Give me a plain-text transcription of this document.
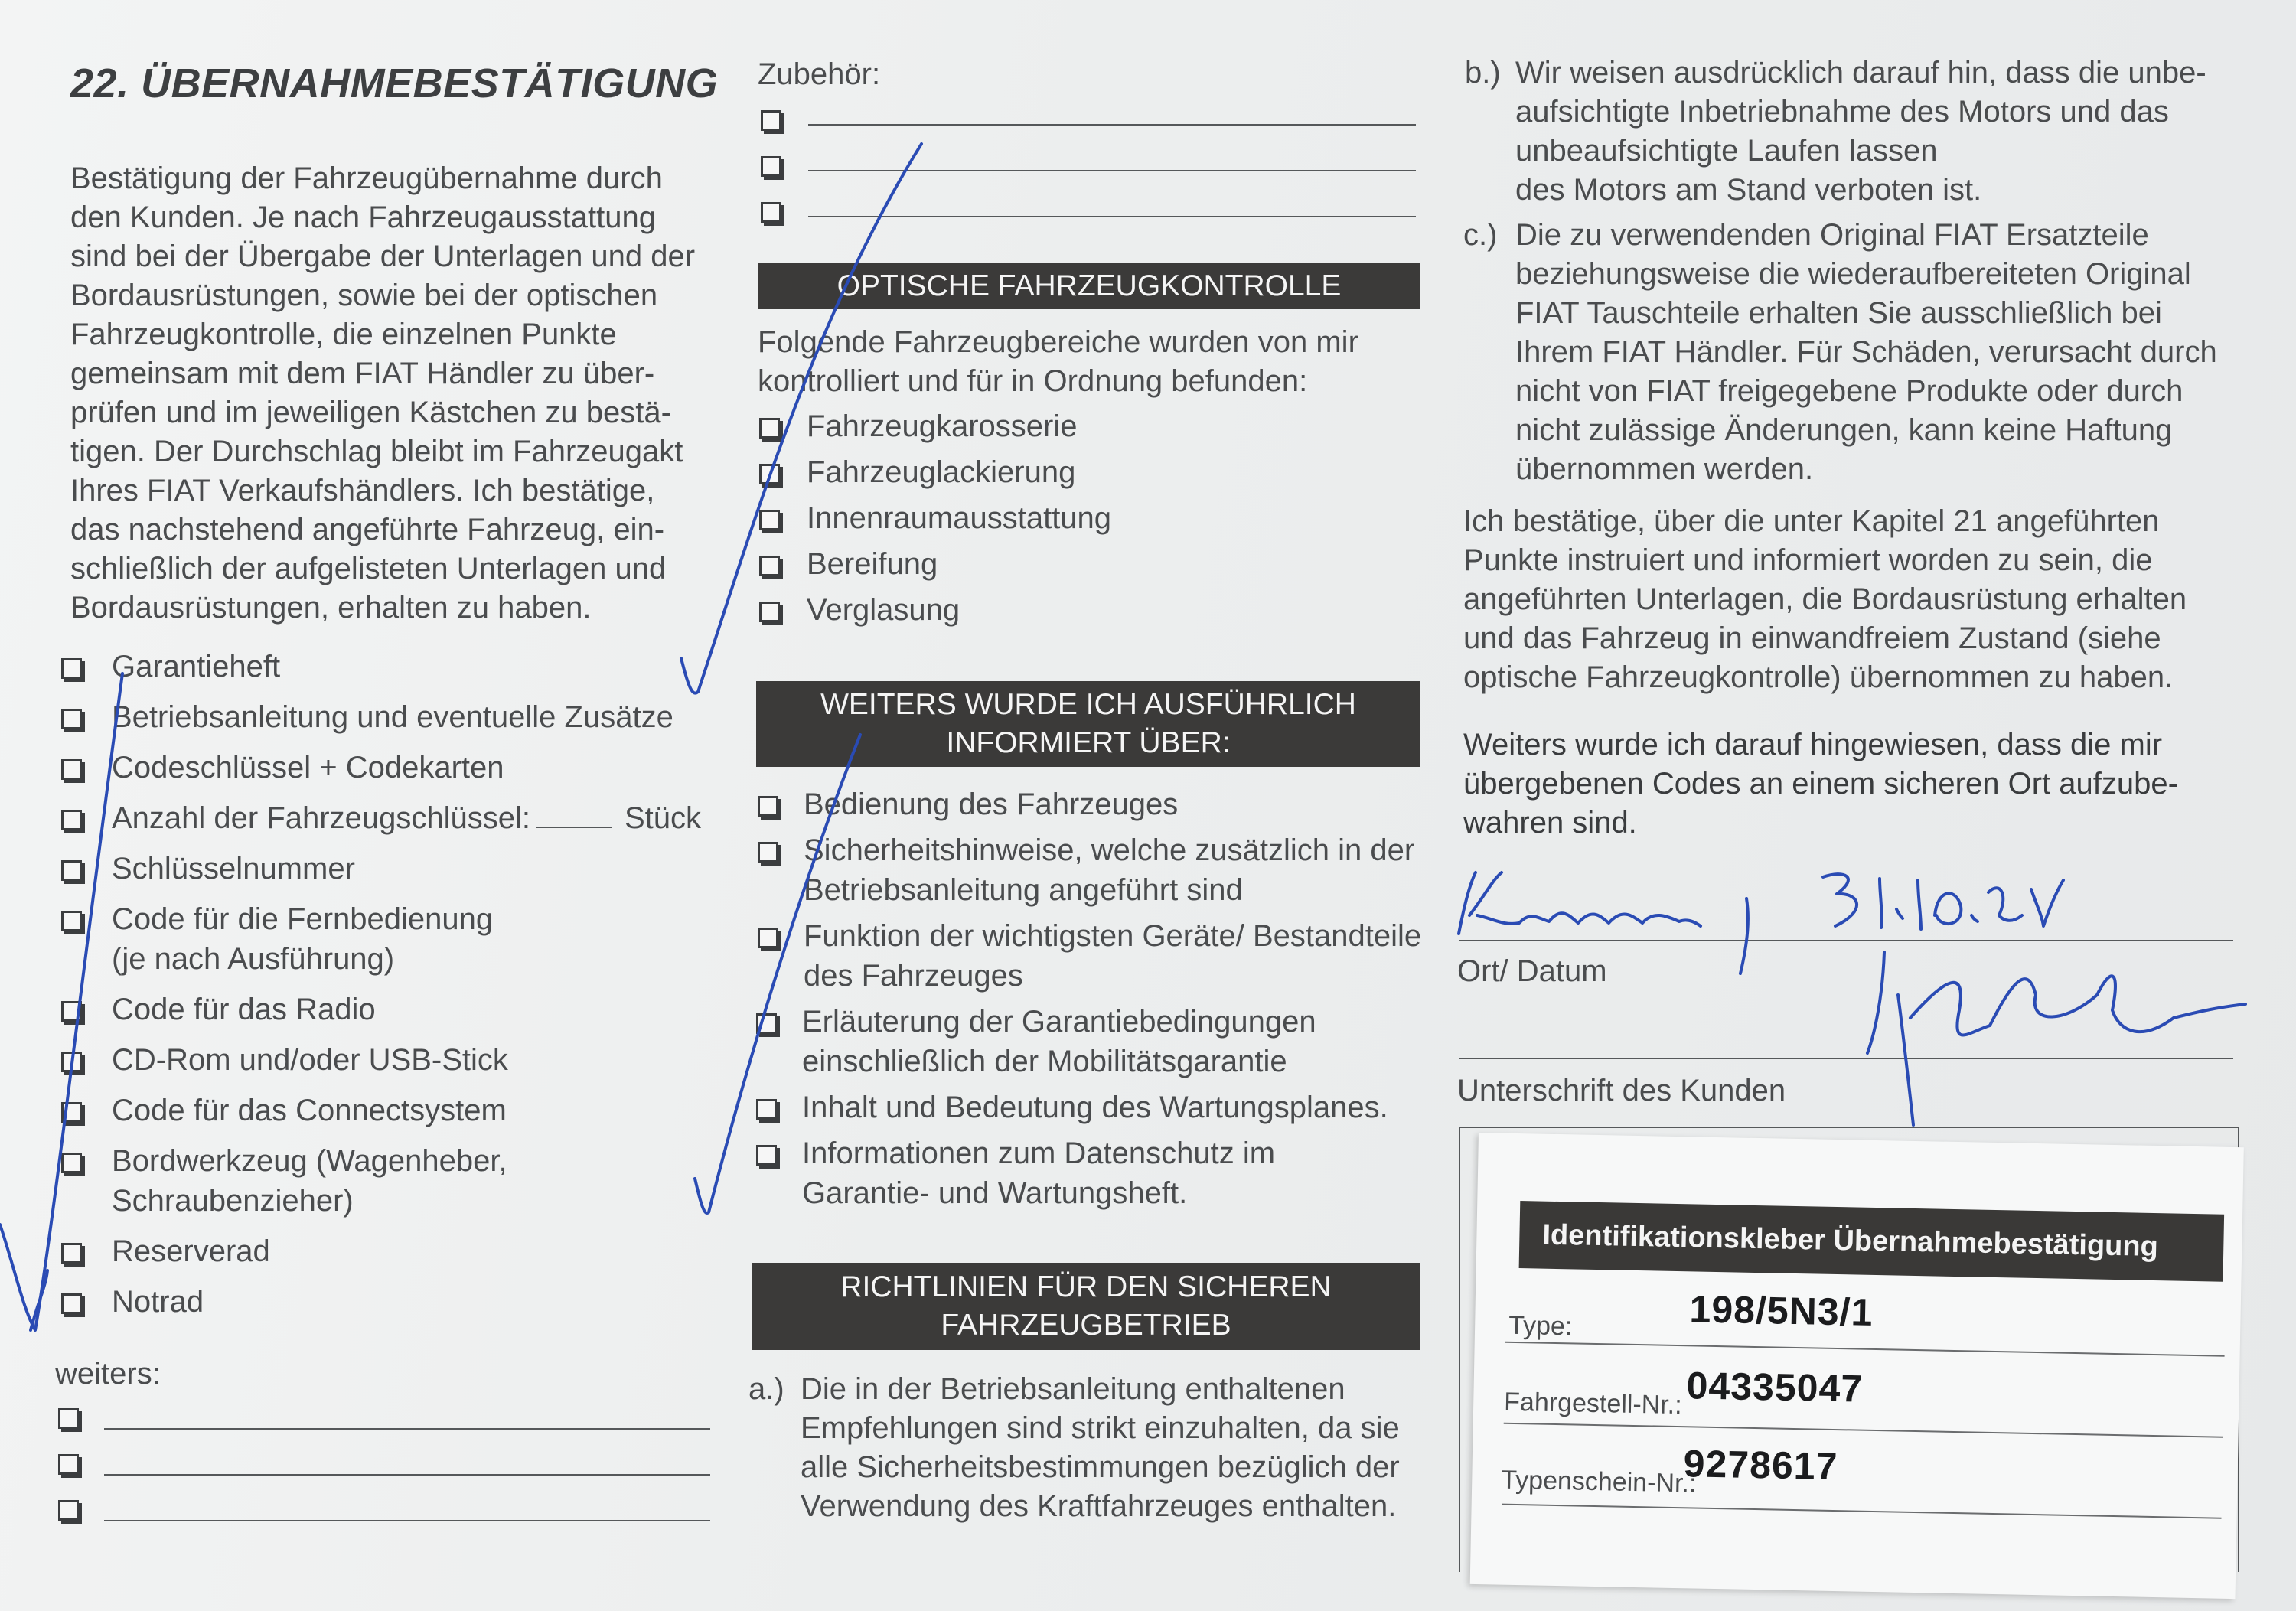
22. ÜBERNAHMEBESTÄTIGUNG
Bestätigung der Fahrzeugübernahme durch
den Kunden. Je nach Fahrzeugausstattung
sind bei der Übergabe der Unterlagen und der
Bordausrüstungen, sowie bei der optischen
Fahrzeugkontrolle, die einzelnen Punkte
gemeinsam mit dem FIAT Händler zu über-
prüfen und im jeweiligen Kästchen zu bestä-
tigen. Der Durchschlag bleibt im Fahrzeugakt
Ihres FIAT Verkaufshändlers. Ich bestätige,
das nachstehend angeführte Fahrzeug, ein-
schließlich der aufgelisteten Unterlagen und
Bordausrüstungen, erhalten zu haben.
Garantieheft
Betriebsanleitung und eventuelle Zusätze
Codeschlüssel + Codekarten
Anzahl der Fahrzeugschlüssel:	Stück
Schlüsselnummer
Code für die Fernbedienung
(je nach Ausführung)
Code für das Radio
CD-Rom und/oder USB-Stick
Code für das Connectsystem
Bordwerkzeug (Wagenheber,
Schraubenzieher)
Reserverad
Notrad
weiters:
Zubehör:
OPTISCHE FAHRZEUGKONTROLLE
Folgende Fahrzeugbereiche wurden von mir
kontrolliert und für in Ordnung befunden:
Fahrzeugkarosserie
Fahrzeuglackierung
Innenraumausstattung
Bereifung
Verglasung
WEITERS WURDE ICH AUSFÜHRLICH
INFORMIERT ÜBER:
Bedienung des Fahrzeuges
Sicherheitshinweise, welche zusätzlich in der
Betriebsanleitung angeführt sind
Funktion der wichtigsten Geräte/ Bestandteile
des Fahrzeuges
Erläuterung der Garantiebedingungen
einschließlich der Mobilitätsgarantie
Inhalt und Bedeutung des Wartungsplanes.
Informationen zum Datenschutz im
Garantie- und Wartungsheft.
RICHTLINIEN FÜR DEN SICHEREN
FAHRZEUGBETRIEB
a.) Die in der Betriebsanleitung enthaltenen
Empfehlungen sind strikt einzuhalten, da sie
alle Sicherheitsbestimmungen bezüglich der
Verwendung des Kraftfahrzeuges enthalten.
b.) Wir weisen ausdrücklich darauf hin, dass die unbe-
aufsichtigte Inbetriebnahme des Motors und das
unbeaufsichtigte Laufen lassen
des Motors am Stand verboten ist.
c.) Die zu verwendenden Original FIAT Ersatzteile
beziehungsweise die wiederaufbereiteten Original
FIAT Tauschteile erhalten Sie ausschließlich bei
Ihrem FIAT Händler. Für Schäden, verursacht durch
nicht von FIAT freigegebene Produkte oder durch
nicht zulässige Änderungen, kann keine Haftung
übernommen werden.
Ich bestätige, über die unter Kapitel 21 angeführten
Punkte instruiert und informiert worden zu sein, die
angeführten Unterlagen, die Bordausrüstung erhalten
und das Fahrzeug in einwandfreiem Zustand (siehe
optische Fahrzeugkontrolle) übernommen zu haben.
Weiters wurde ich darauf hingewiesen, dass die mir
übergebenen Codes an einem sicheren Ort aufzube-
wahren sind.
Ort/ Datum
Unterschrift des Kunden
Identifikationskleber Übernahmebestätigung
Type:	198/5N3/1
Fahrgestell-Nr.: 04335047
Typenschein-Nr.:
9278617
